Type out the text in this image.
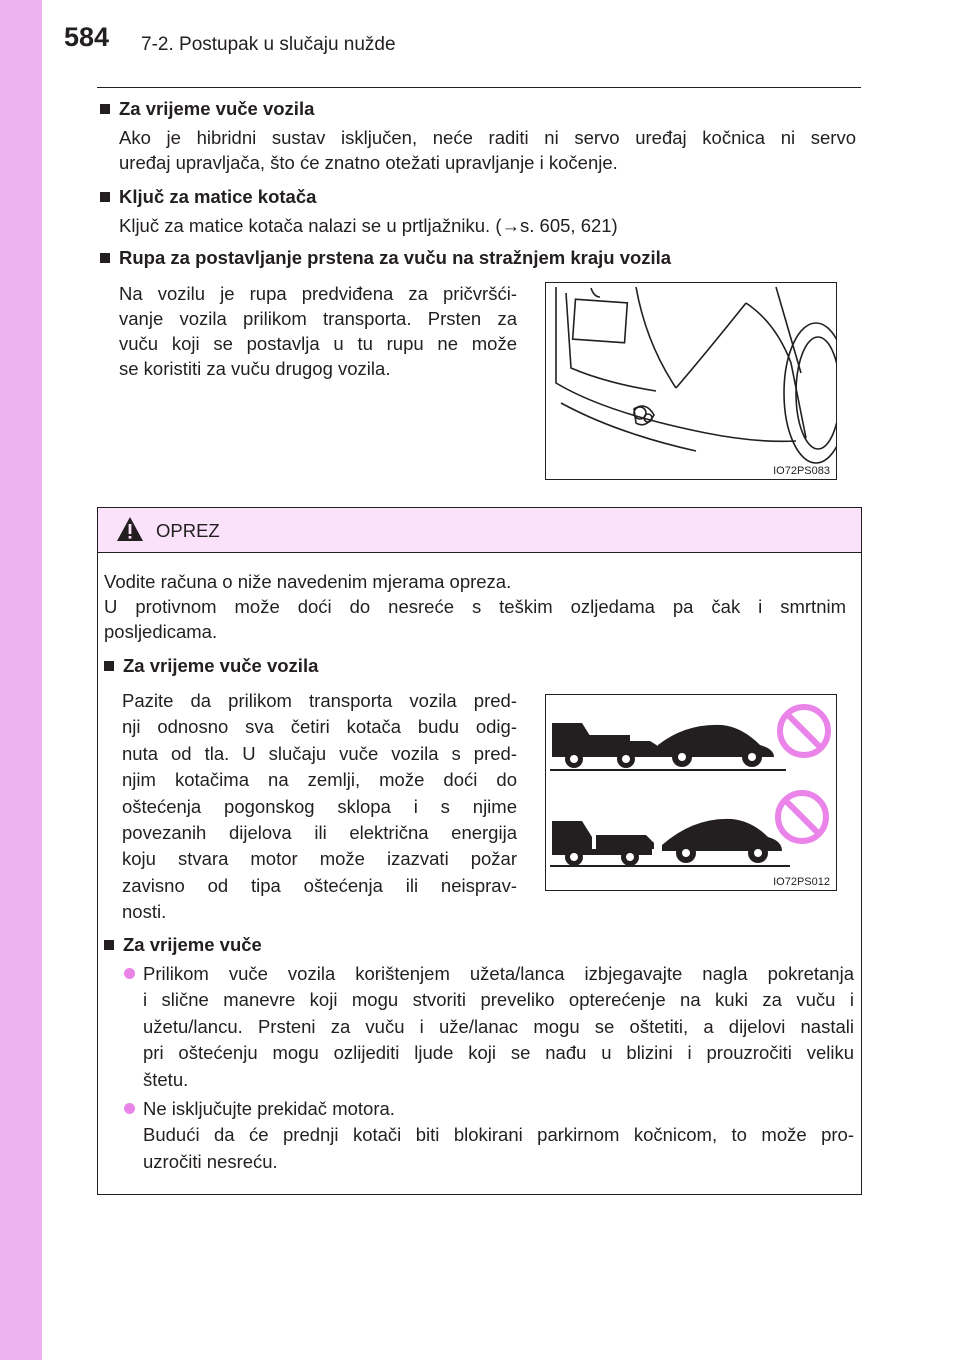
584 7-2. Postupak u slučaju nužde
Za vrijeme vuče vozila
Ako je hibridni sustav isključen, neće raditi ni servo uređaj kočnica ni servo
uređaj upravljača, što će znatno otežati upravljanje i kočenje.
Ključ za matice kotača
Ključ za matice kotača nalazi se u prtljažniku. (→s. 605, 621)
Rupa za postavljanje prstena za vuču na stražnjem kraju vozila
Na vozilu je rupa predviđena za pričvršći-
vanje vozila prilikom transporta. Prsten za
vuču koji se postavlja u tu rupu ne može
se koristiti za vuču drugog vozila.
IO72PS083
OPREZ
Vodite računa o niže navedenim mjerama opreza.
U protivnom može doći do nesreće s teškim ozljedama pa čak i smrtnim
posljedicama.
Za vrijeme vuče vozila
Pazite da prilikom transporta vozila pred-
nji odnosno sva četiri kotača budu odig-
nuta od tla. U slučaju vuče vozila s pred-
njim kotačima na zemlji, može doći do
oštećenja pogonskog sklopa i s njime
povezanih dijelova ili električna energija
koju stvara motor može izazvati požar
zavisno od tipa oštećenja ili neisprav-
nosti.
IO72PS012
Za vrijeme vuče
Prilikom vuče vozila korištenjem užeta/lanca izbjegavajte nagla pokretanja
i slične manevre koji mogu stvoriti preveliko opterećenje na kuki za vuču i
užetu/lancu. Prsteni za vuču i uže/lanac mogu se oštetiti, a dijelovi nastali
pri oštećenju mogu ozlijediti ljude koji se nađu u blizini i prouzročiti veliku
štetu.
Ne isključujte prekidač motora.
Budući da će prednji kotači biti blokirani parkirnom kočnicom, to može pro-
uzročiti nesreću.
